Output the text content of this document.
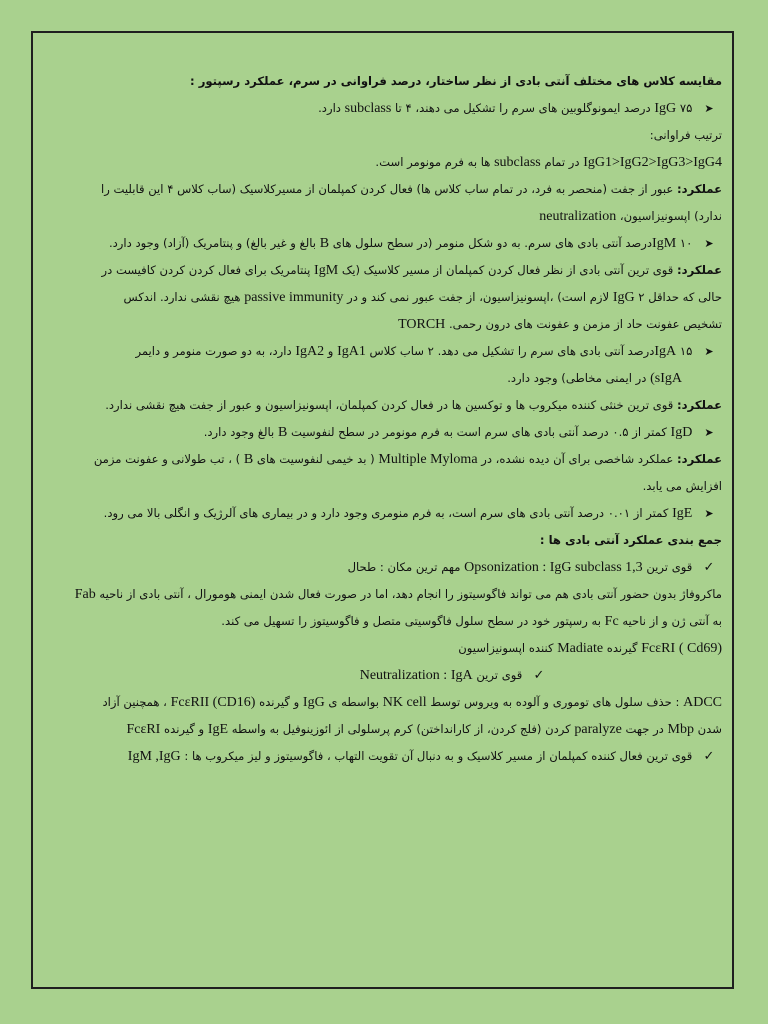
مقایسه کلاس های مختلف آنتی بادی از نظر ساختار، درصد فراوانی در سرم، عملکرد رسپتور :
➤ IgG ۷۵ درصد ایمونوگلوبین های سرم را تشکیل می دهند، ۴ تا subclass دارد.
ترتیب فراوانی:
IgG1>IgG2>IgG3>IgG4 در تمام subclass ها به فرم مونومر است.
عملکرد: عبور از جفت (منحصر به فرد، در تمام ساب کلاس ها) فعال کردن کمپلمان از مسیرکلاسیک (ساب کلاس ۴ این قابلیت را
ندارد) اپسونیزاسیون، neutralization
➤ IgM ۱۰درصد آنتی بادی های سرم. به دو شکل منومر (در سطح سلول های B بالغ و غیر بالغ) و پنتامریک (آزاد) وجود دارد.
عملکرد: قوی ترین آنتی بادی از نظر فعال کردن کمپلمان از مسیر کلاسیک (یک IgM پنتامریک برای فعال کردن کردن کافیست در
حالی که حداقل ۲ IgG لازم است) ،اپسونیزاسیون، از جفت عبور نمی کند و در passive immunity هیچ نقشی ندارد. اندکس
تشخیص عفونت حاد از مزمن و عفونت های درون رحمی. TORCH
➤ IgA ۱۵درصد آنتی بادی های سرم را تشکیل می دهد. ۲ ساب کلاس IgA1 و IgA2 دارد، به دو صورت منومر و دایمر
sIgA) در ایمنی مخاطی) وجود دارد.
عملکرد: قوی ترین خنثی کننده میکروب ها و توکسین ها در فعال کردن کمپلمان، اپسونیزاسیون و عبور از جفت هیچ نقشی ندارد.
➤ IgD کمتر از ۰.۵ درصد آنتی بادی های سرم است به فرم مونومر در سطح لنفوسیت B بالغ وجود دارد.
عملکرد: عملکرد شاخصی برای آن دیده نشده، در Multiple Myloma ( بد خیمی لنفوسیت های B ) ، تب طولانی و عفونت مزمن
افزایش می یابد.
➤ IgE کمتر از ۰.۰۱ درصد آنتی بادی های سرم است، به فرم منومری وجود دارد و در بیماری های آلرژیک و انگلی بالا می رود.
جمع بندی عملکرد آنتی بادی ها :
✓ قوی ترین Opsonization : IgG subclass 1,3 مهم ترین مکان : طحال
ماکروفاژ بدون حضور آنتی بادی هم می تواند فاگوسیتوز را انجام دهد، اما در صورت فعال شدن ایمنی هومورال ، آنتی بادی از ناحیه Fab
به آنتی ژن و از ناحیه Fc به رسپتور خود در سطح سلول فاگوسیتی متصل و فاگوسیتوز را تسهیل می کند.
FcɛRI ( Cd69) گیرنده Madiate کننده اپسونیزاسیون
✓ قوی ترین Neutralization : IgA
ADCC : حذف سلول های توموری و آلوده به ویروس توسط NK cell بواسطه ی IgG و گیرنده FcɛRII (CD16) ، همچنین آزاد
شدن Mbp در جهت paralyze کردن (فلج کردن، از کارانداختن) کرم پرسلولی از ائوزینوفیل به واسطه IgE و گیرنده FcɛRI
✓ قوی ترین فعال کننده کمپلمان از مسیر کلاسیک و به دنبال آن تقویت التهاب ، فاگوسیتوز و لیز میکروب ها : IgM ,IgG
